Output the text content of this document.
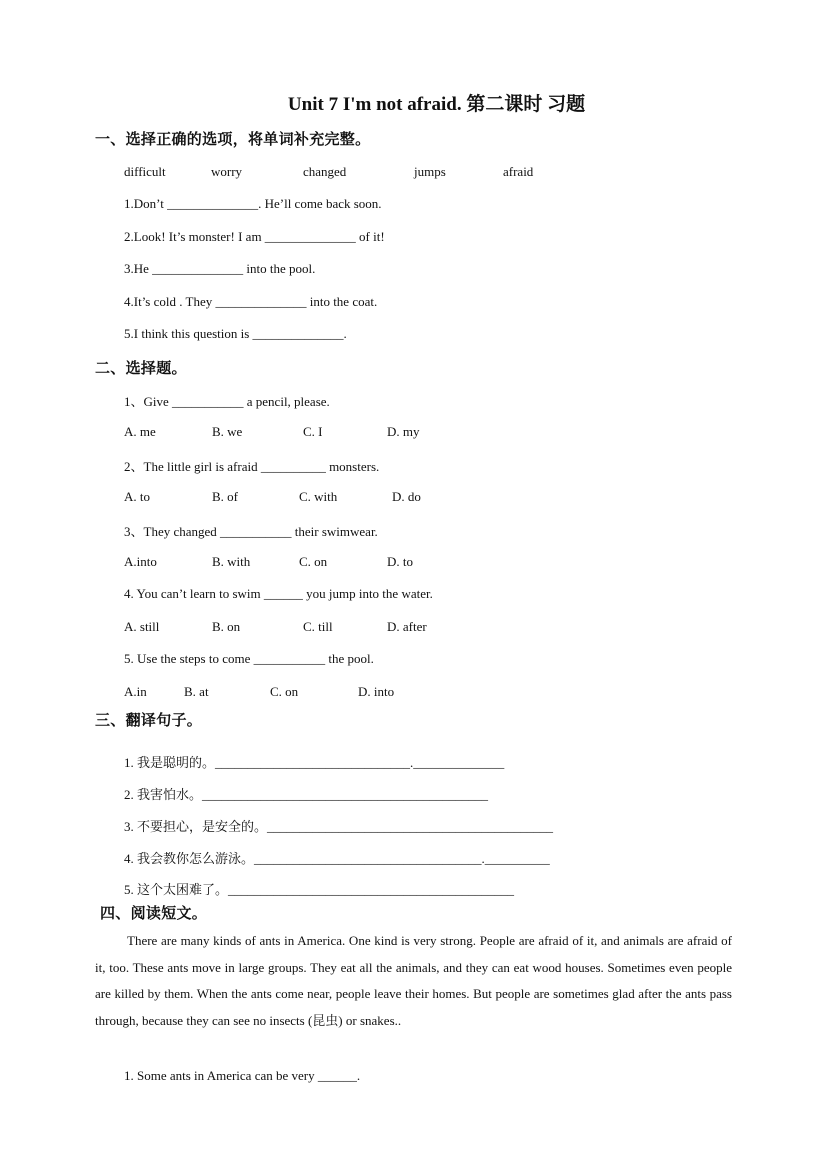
Unit 7 I'm not afraid. 第二课时 习题
一、选择正确的选项，将单词补充完整。
difficult	worry	changed	jumps	afraid
1.Don’t ______________. He’ll come back soon.
2.Look! It’s monster! I am ______________ of it!
3.He ______________ into the pool.
4.It’s cold . They ______________ into the coat.
5.I think this question is ______________.
二、选择题。
1、Give ___________ a pencil, please.
A. me	B. we	C. I	D. my
2、The little girl is afraid __________ monsters.
A. to	B. of	C. with	D. do
3、They changed ___________ their swimwear.
A.into	B. with	C. on	D. to
4. You can’t learn to swim ______ you jump into the water.
A. still	B. on	C. till	D. after
5. Use the steps to come ___________ the pool.
A.in	B. at	C. on	D. into
三、翻译句子。
1. 我是聪明的。______________________________.______________
2. 我害怕水。____________________________________________
3. 不要担心，是安全的。____________________________________________
4. 我会教你怎么游泳。___________________________________.__________
5. 这个太困难了。____________________________________________
四、阅读短文。
There are many kinds of ants in America. One kind is very strong. People are afraid of it, and animals are afraid of it, too. These ants move in large groups. They eat all the animals, and they can eat wood houses. Sometimes even people are killed by them. When the ants come near, people leave their homes. But people are sometimes glad after the ants pass through, because they can see no insects (昆虫) or snakes..
1. Some ants in America can be very ______.
